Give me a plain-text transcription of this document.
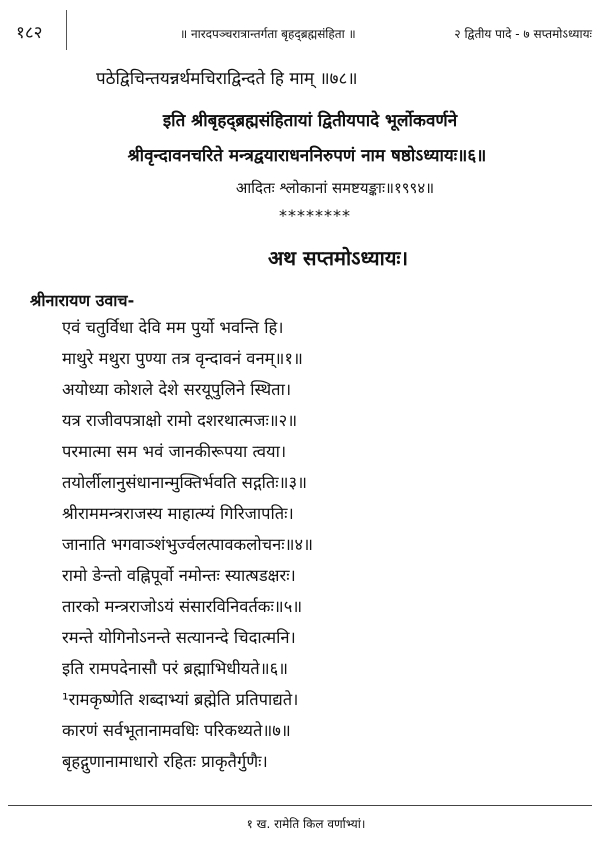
१८२	॥ नारदपञ्चरात्रान्तर्गता बृहद्ब्रह्मसंहिता ॥	२ द्वितीय पादे - ७ सप्तमोऽध्यायः
पठेद्विचिन्तयन्नर्थमचिराद्विन्दते हि माम् ॥७८॥
इति श्रीबृहद्ब्रह्मसंहितायां द्वितीयपादे भूर्लोकवर्णने
श्रीवृन्दावनचरिते मन्त्रद्वयाराधननिरुपणं नाम षष्ठोऽध्यायः॥६॥
आदितः श्लोकानां समष्टयङ्काः॥१९९४॥
********
अथ सप्तमोऽध्यायः।
श्रीनारायण उवाच-
एवं चतुर्विधा देवि मम पुर्यो भवन्ति हि।
माथुरे मथुरा पुण्या तत्र वृन्दावनं वनम्॥१॥
अयोध्या कोशले देशे सरयूपुलिने स्थिता।
यत्र राजीवपत्राक्षो रामो दशरथात्मजः॥२॥
परमात्मा सम भवं जानकीरूपया त्वया।
तयोर्लीलानुसंधानान्मुक्तिर्भवति सद्गतिः॥३॥
श्रीराममन्त्रराजस्य माहात्म्यं गिरिजापतिः।
जानाति भगवाञ्शंभुर्ज्वलत्पावकलोचनः॥४॥
रामो ङेन्तो वह्निपूर्वो नमोन्तः स्यात्षडक्षरः।
तारको मन्त्रराजोऽयं संसारविनिवर्तकः॥५॥
रमन्ते योगिनोऽनन्ते सत्यानन्दे चिदात्मनि।
इति रामपदेनासौ परं ब्रह्माभिधीयते॥६॥
¹रामकृष्णेति शब्दाभ्यां ब्रह्मेति प्रतिपाद्यते।
कारणं सर्वभूतानामवधिः परिकथ्यते॥७॥
बृहद्गुणानामाधारो रहितः प्राकृतैर्गुणैः।
१ ख. रामेति किल वर्णाभ्यां।
